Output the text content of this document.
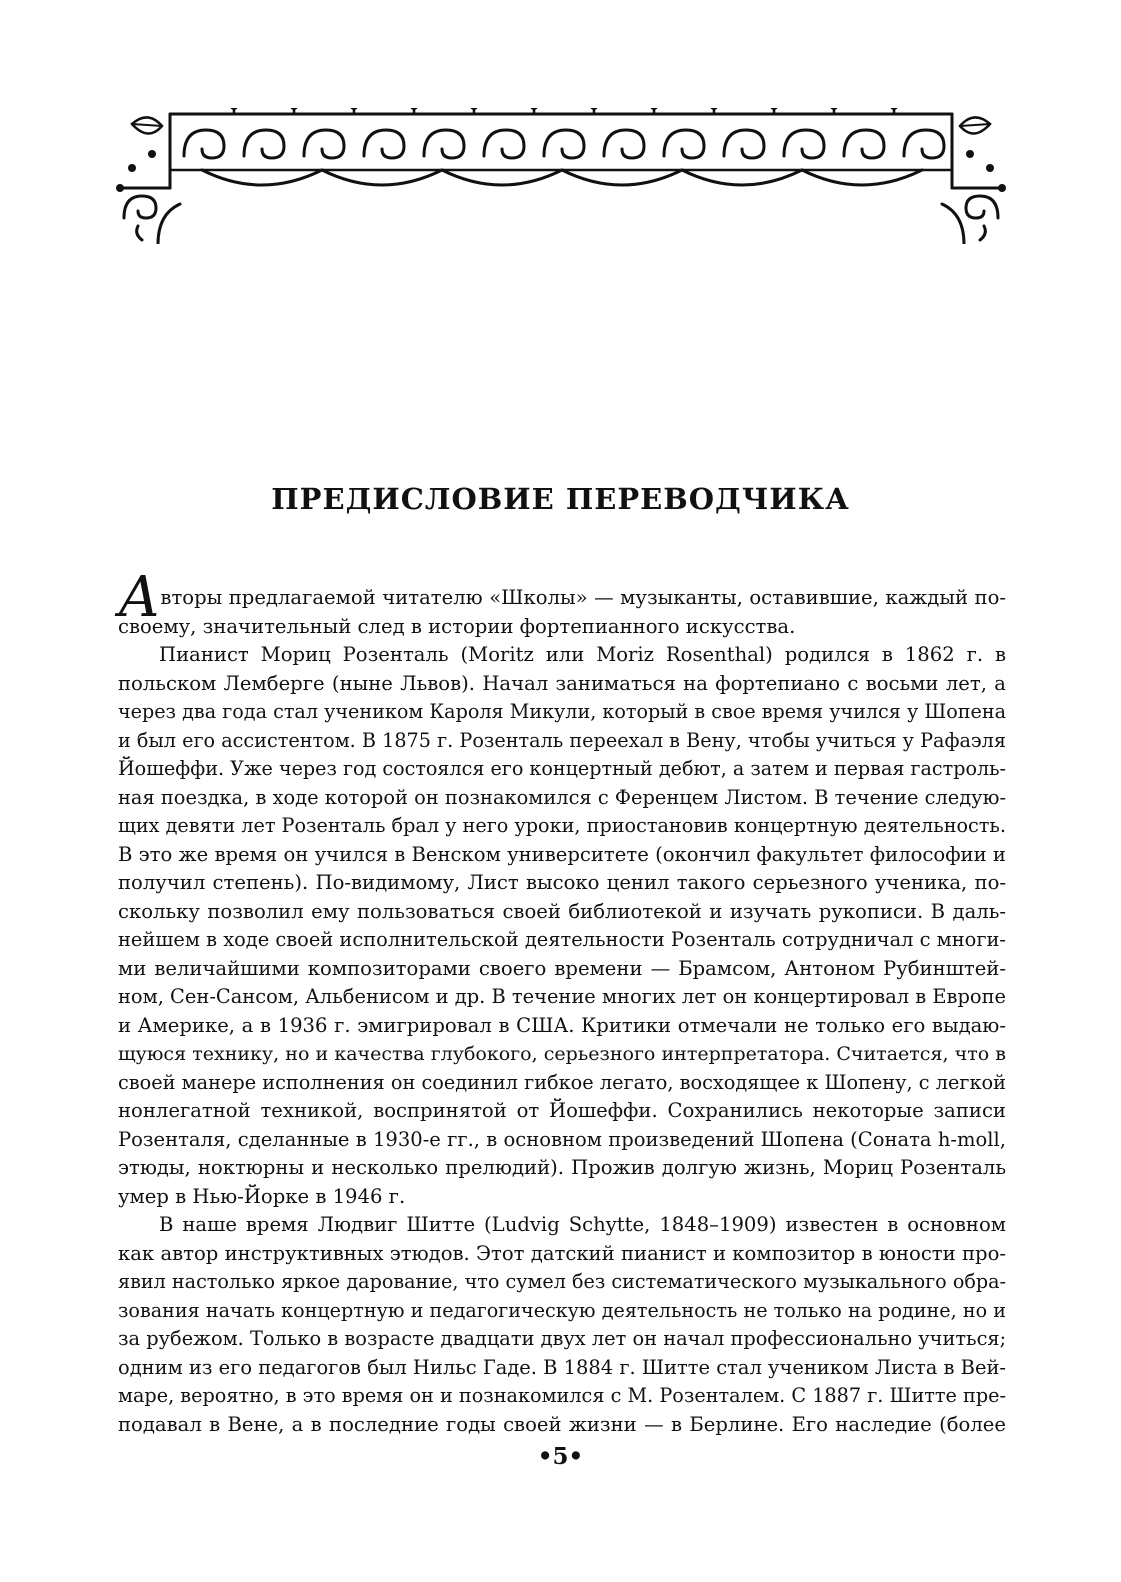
ПРЕДИСЛОВИЕ ПЕРЕВОДЧИКА
А вторы предлагаемой читателю «Школы» — музыканты, оставившие, каждый по-
своему, значительный след в истории фортепианного искусства.
Пианист Мориц Розенталь (Moritz или Moriz Rosenthal) родился в 1862 г. в
польском Лемберге (ныне Львов). Начал заниматься на фортепиано с восьми лет, а
через два года стал учеником Кароля Микули, который в свое время учился у Шопена
и был его ассистентом. В 1875 г. Розенталь переехал в Вену, чтобы учиться у Рафаэля
Йошеффи. Уже через год состоялся его концертный дебют, а затем и первая гастроль-
ная поездка, в ходе которой он познакомился с Ференцем Листом. В течение следую-
щих девяти лет Розенталь брал у него уроки, приостановив концертную деятельность.
В это же время он учился в Венском университете (окончил факультет философии и
получил степень). По-видимому, Лист высоко ценил такого серьезного ученика, по-
скольку позволил ему пользоваться своей библиотекой и изучать рукописи. В даль-
нейшем в ходе своей исполнительской деятельности Розенталь сотрудничал с многи-
ми величайшими композиторами своего времени — Брамсом, Антоном Рубинштей-
ном, Сен-Сансом, Альбенисом и др. В течение многих лет он концертировал в Европе
и Америке, а в 1936 г. эмигрировал в США. Критики отмечали не только его выдаю-
щуюся технику, но и качества глубокого, серьезного интерпретатора. Считается, что в
своей манере исполнения он соединил гибкое легато, восходящее к Шопену, с легкой
нонлегатной техникой, воспринятой от Йошеффи. Сохранились некоторые записи
Розенталя, сделанные в 1930-е гг., в основном произведений Шопена (Соната h-moll,
этюды, ноктюрны и несколько прелюдий). Прожив долгую жизнь, Мориц Розенталь
умер в Нью-Йорке в 1946 г.
В наше время Людвиг Шитте (Ludvig Schytte, 1848–1909) известен в основном
как автор инструктивных этюдов. Этот датский пианист и композитор в юности про-
явил настолько яркое дарование, что сумел без систематического музыкального обра-
зования начать концертную и педагогическую деятельность не только на родине, но и
за рубежом. Только в возрасте двадцати двух лет он начал профессионально учиться;
одним из его педагогов был Нильс Гаде. В 1884 г. Шитте стал учеником Листа в Вей-
маре, вероятно, в это время он и познакомился с М. Розенталем. С 1887 г. Шитте пре-
подавал в Вене, а в последние годы своей жизни — в Берлине. Его наследие (более
•5•
